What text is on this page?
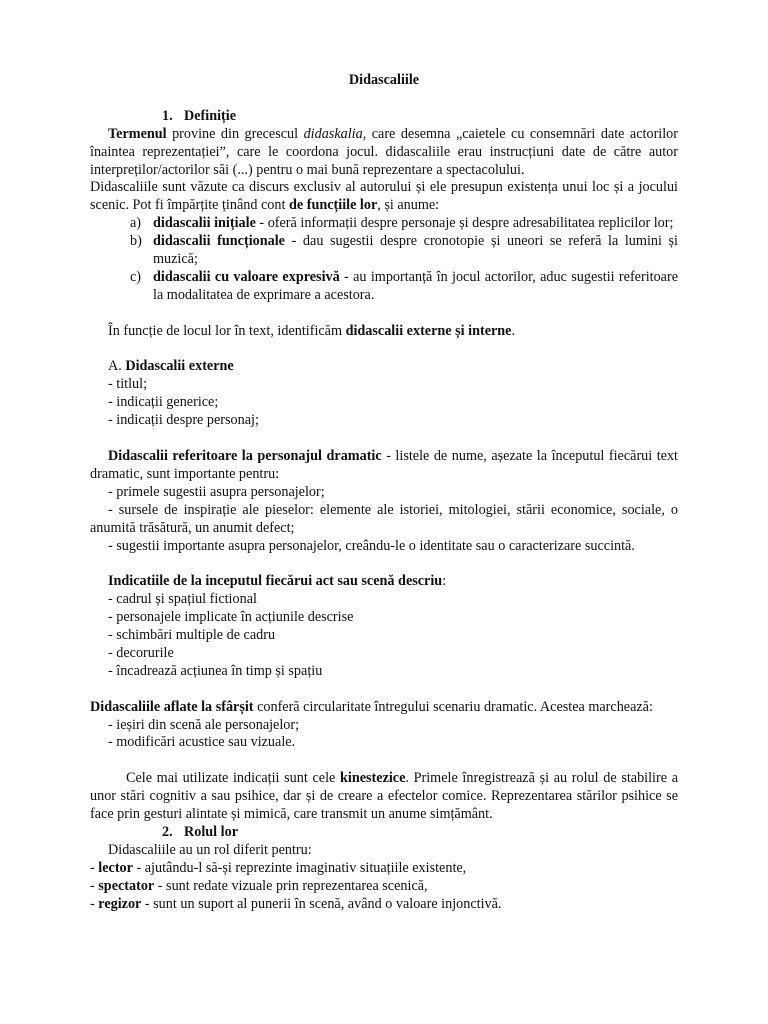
Didascaliile

1. Definiție

Termenul provine din grecescul didaskalia, care desemna „caietele cu consemnări date actorilor înaintea reprezentației”, care le coordona jocul. didascaliile erau instrucțiuni date de către autor interpreților/actorilor săi (...) pentru o mai bună reprezentare a spectacolului.

Didascaliile sunt văzute ca discurs exclusiv al autorului și ele presupun existența unui loc și a jocului scenic. Pot fi împărțite ținând cont de funcțiile lor, și anume:

a) didascalii inițiale - oferă informații despre personaje și despre adresabilitatea replicilor lor;
b) didascalii funcționale - dau sugestii despre cronotopie și uneori se referă la lumini și muzică;
c) didascalii cu valoare expresivă - au importanță în jocul actorilor, aduc sugestii referitoare la modalitatea de exprimare a acestora.

În funcție de locul lor în text, identificăm didascalii externe și interne.

A. Didascalii externe

- titlul;

- indicații generice;

- indicații despre personaj;

Didascalii referitoare la personajul dramatic - listele de nume, așezate la începutul fiecărui text dramatic, sunt importante pentru:

- primele sugestii asupra personajelor;

- sursele de inspirație ale pieselor: elemente ale istoriei, mitologiei, stării economice, sociale, o anumită trăsătură, un anumit defect;

- sugestii importante asupra personajelor, creându-le o identitate sau o caracterizare succintă.

Indicatiile de la inceputul fiecărui act sau scenă descriu:

- cadrul și spațiul fictional

- personajele implicate în acțiunile descrise

- schimbări multiple de cadru

- decorurile

- încadrează acțiunea în timp și spațiu

Didascaliile aflate la sfârșit conferă circularitate întregului scenariu dramatic. Acestea marchează:

- ieșiri din scenă ale personajelor;

- modificări acustice sau vizuale.

Cele mai utilizate indicații sunt cele kinestezice. Primele înregistrează și au rolul de stabilire a unor stări cognitiv a sau psihice, dar și de creare a efectelor comice. Reprezentarea stărilor psihice se face prin gesturi alintate și mimică, care transmit un anume simțământ.

2. Rolul lor

Didascaliile au un rol diferit pentru:

- lector - ajutându-l să-și reprezinte imaginativ situațiile existente,

- spectator - sunt redate vizuale prin reprezentarea scenică,

- regizor - sunt un suport al punerii în scenă, având o valoare injonctivă.
